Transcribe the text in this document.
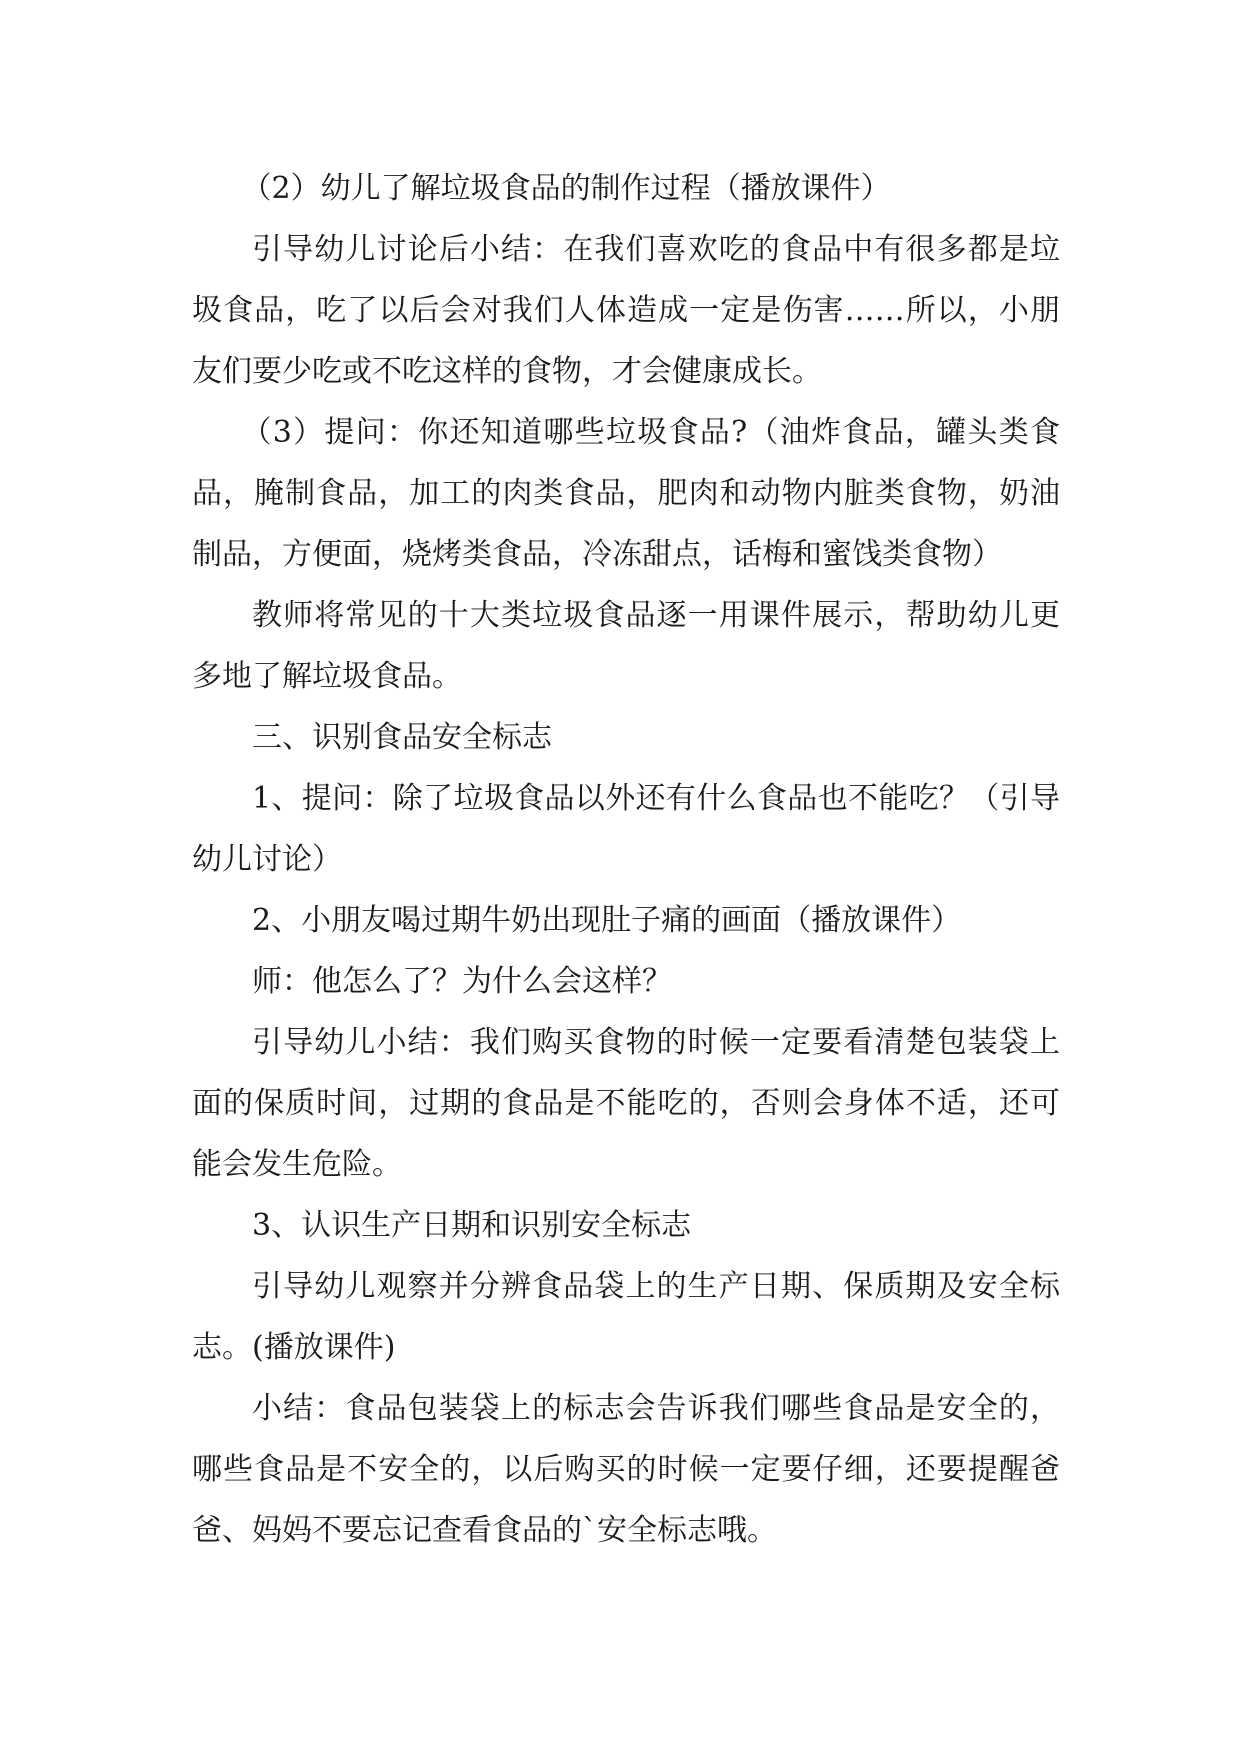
（2）幼儿了解垃圾食品的制作过程（播放课件）

引导幼儿讨论后小结：在我们喜欢吃的食品中有很多都是垃圾食品，吃了以后会对我们人体造成一定是伤害……所以，小朋友们要少吃或不吃这样的食物，才会健康成长。

（3）提问：你还知道哪些垃圾食品?（油炸食品，罐头类食品，腌制食品，加工的肉类食品，肥肉和动物内脏类食物，奶油制品，方便面，烧烤类食品，冷冻甜点，话梅和蜜饯类食物）

教师将常见的十大类垃圾食品逐一用课件展示，帮助幼儿更多地了解垃圾食品。

三、识别食品安全标志

1、提问：除了垃圾食品以外还有什么食品也不能吃？（引导幼儿讨论）

2、小朋友喝过期牛奶出现肚子痛的画面（播放课件）

师：他怎么了？为什么会这样？

引导幼儿小结：我们购买食物的时候一定要看清楚包装袋上面的保质时间，过期的食品是不能吃的，否则会身体不适，还可能会发生危险。

3、认识生产日期和识别安全标志

引导幼儿观察并分辨食品袋上的生产日期、保质期及安全标志。(播放课件)

小结：食品包装袋上的标志会告诉我们哪些食品是安全的，哪些食品是不安全的，以后购买的时候一定要仔细，还要提醒爸爸、妈妈不要忘记查看食品的`安全标志哦。
